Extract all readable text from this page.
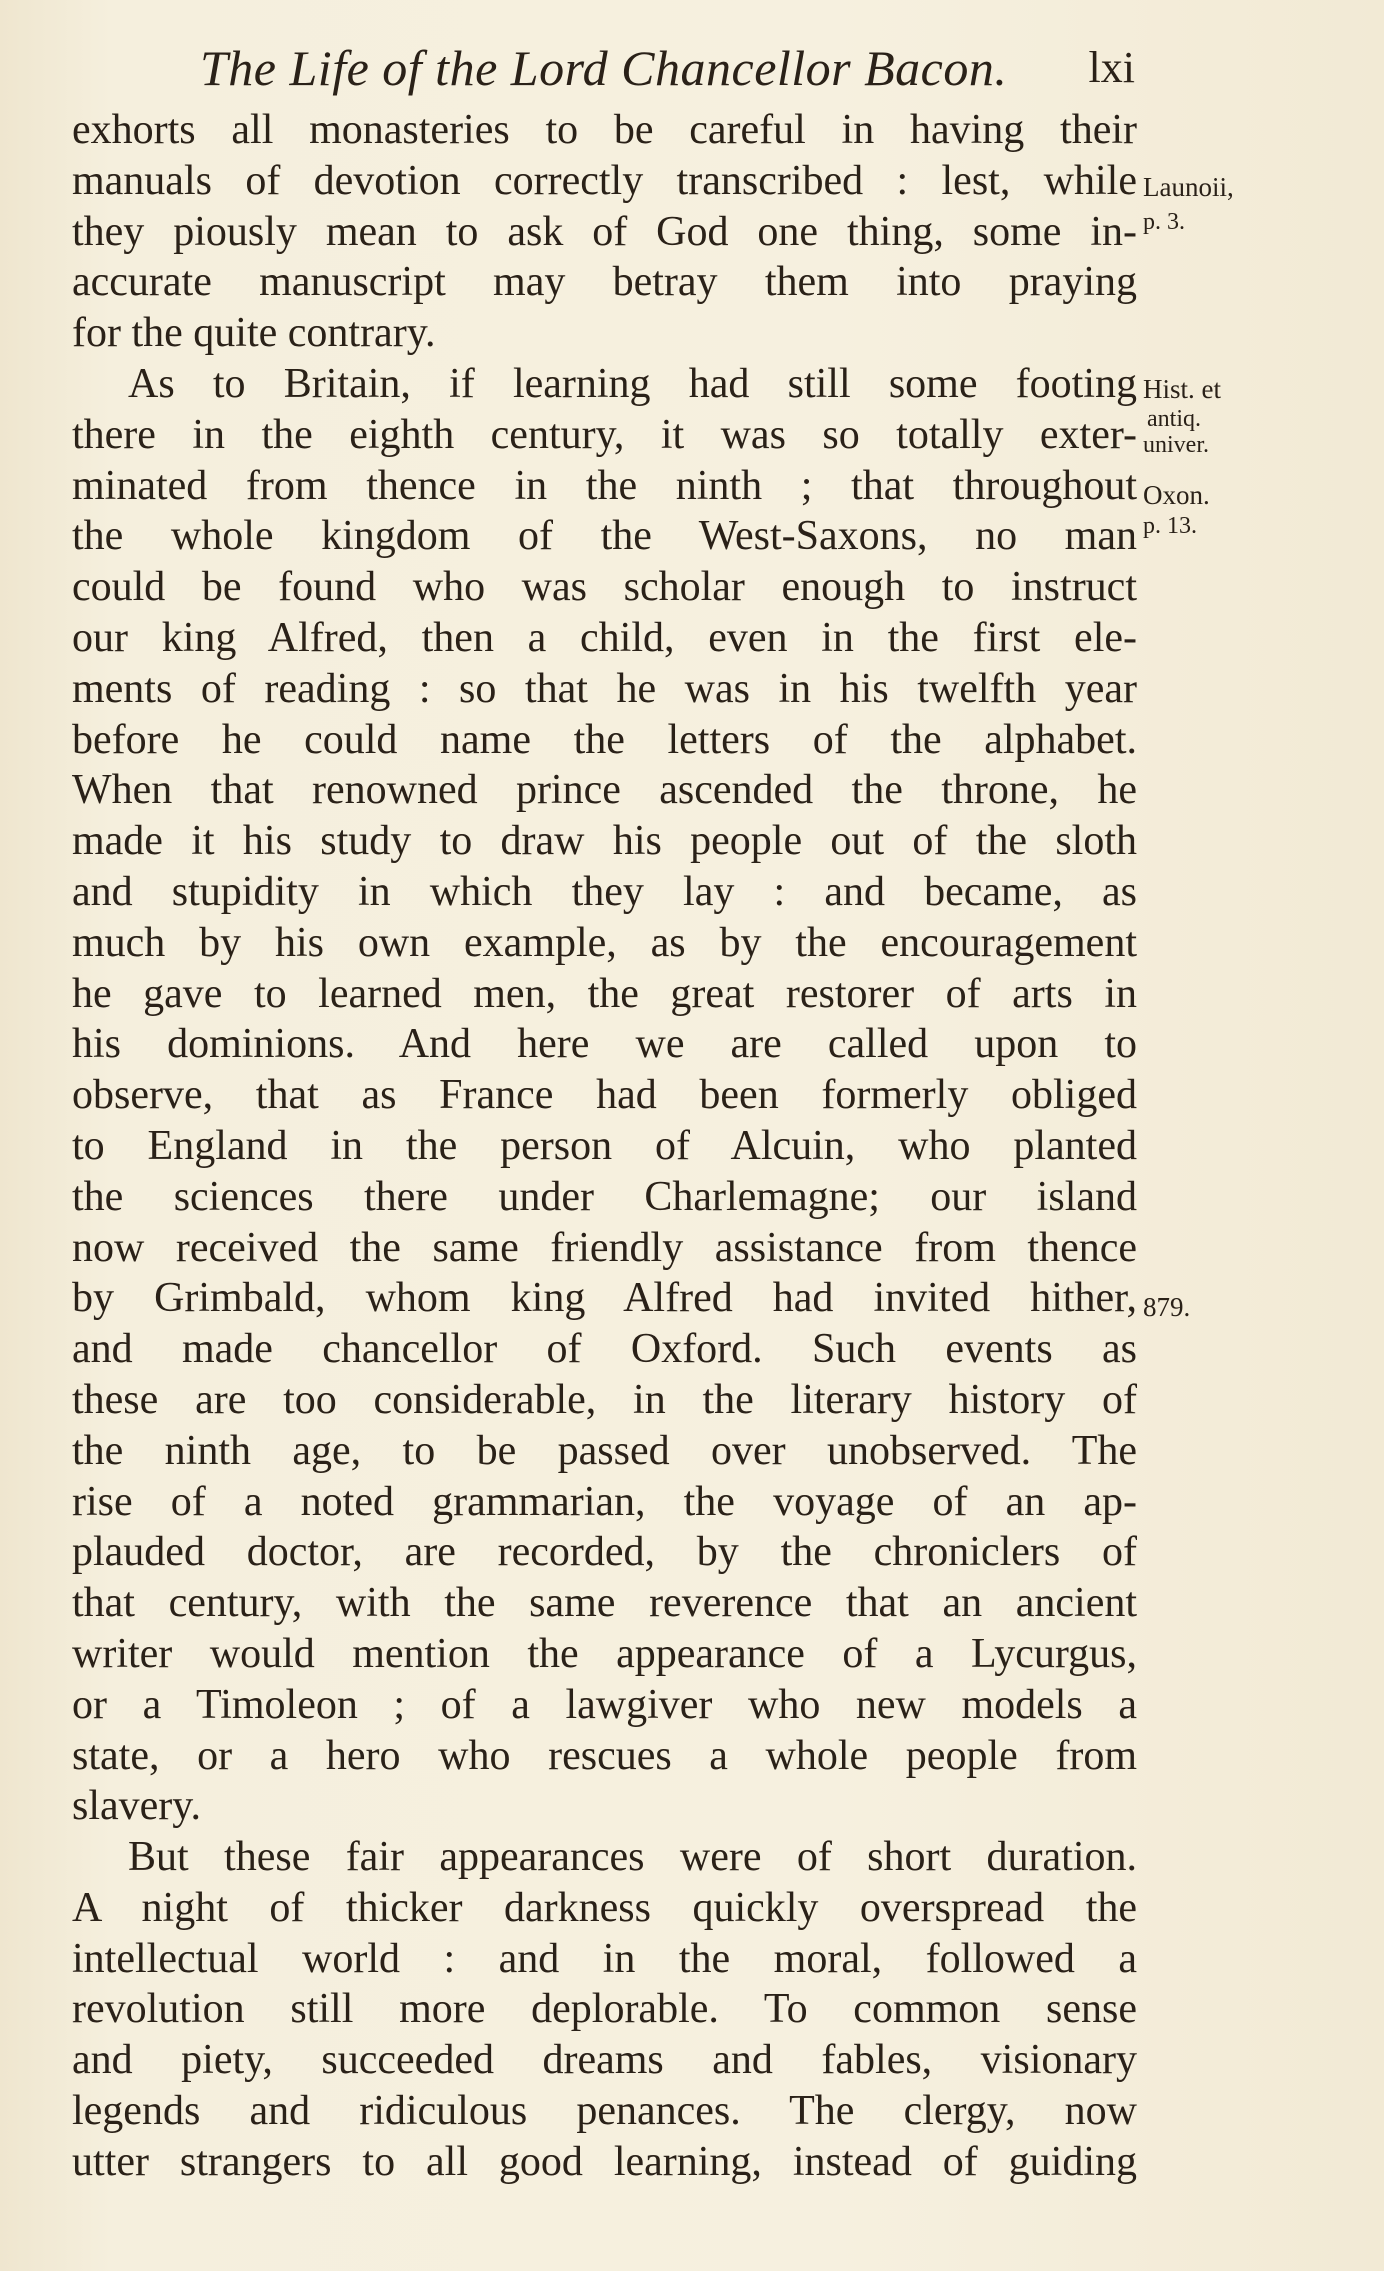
The Life of the Lord Chancellor Bacon. lxi
exhorts all monasteries to be careful in having their
manuals of devotion correctly transcribed : lest, while
they piously mean to ask of God one thing, some in-
accurate manuscript may betray them into praying
for the quite contrary.
As to Britain, if learning had still some footing
there in the eighth century, it was so totally exter-
minated from thence in the ninth ; that throughout
the whole kingdom of the West-Saxons, no man
could be found who was scholar enough to instruct
our king Alfred, then a child, even in the first ele-
ments of reading : so that he was in his twelfth year
before he could name the letters of the alphabet.
When that renowned prince ascended the throne, he
made it his study to draw his people out of the sloth
and stupidity in which they lay : and became, as
much by his own example, as by the encouragement
he gave to learned men, the great restorer of arts in
his dominions. And here we are called upon to
observe, that as France had been formerly obliged
to England in the person of Alcuin, who planted
the sciences there under Charlemagne; our island
now received the same friendly assistance from thence
by Grimbald, whom king Alfred had invited hither,
and made chancellor of Oxford. Such events as
these are too considerable, in the literary history of
the ninth age, to be passed over unobserved. The
rise of a noted grammarian, the voyage of an ap-
plauded doctor, are recorded, by the chroniclers of
that century, with the same reverence that an ancient
writer would mention the appearance of a Lycurgus,
or a Timoleon ; of a lawgiver who new models a
state, or a hero who rescues a whole people from
slavery.
But these fair appearances were of short duration.
A night of thicker darkness quickly overspread the
intellectual world : and in the moral, followed a
revolution still more deplorable. To common sense
and piety, succeeded dreams and fables, visionary
legends and ridiculous penances. The clergy, now
utter strangers to all good learning, instead of guiding
Launoii,
p. 3.
Hist. et
antiq.
univer.
Oxon.
p. 13.
879.
